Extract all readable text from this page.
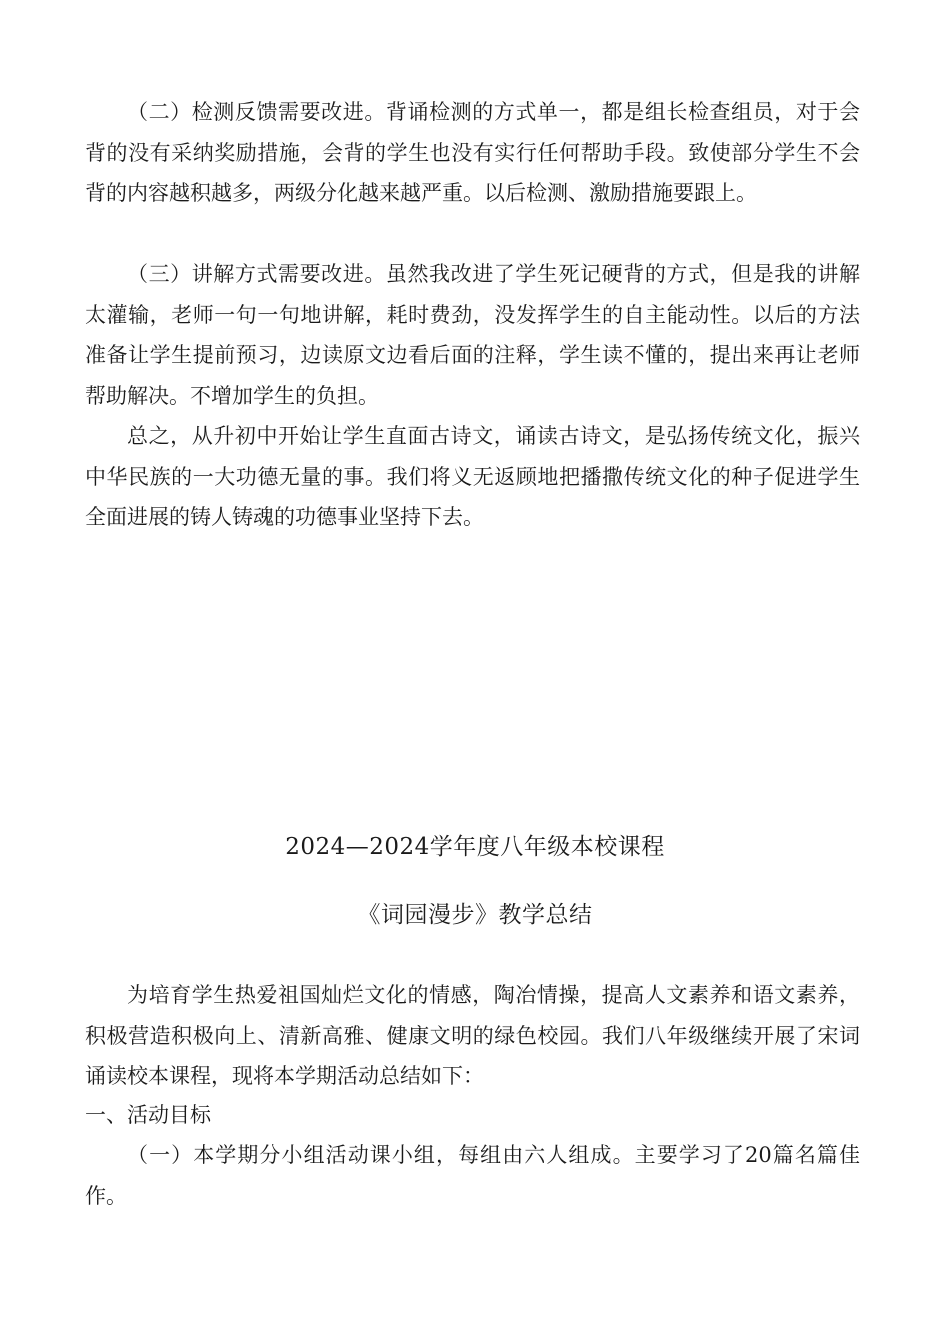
（二）检测反馈需要改进。背诵检测的方式单一，都是组长检查组员，对于会背的没有采纳奖励措施，会背的学生也没有实行任何帮助手段。致使部分学生不会背的内容越积越多，两级分化越来越严重。以后检测、激励措施要跟上。

（三）讲解方式需要改进。虽然我改进了学生死记硬背的方式，但是我的讲解太灌输，老师一句一句地讲解，耗时费劲，没发挥学生的自主能动性。以后的方法准备让学生提前预习，边读原文边看后面的注释，学生读不懂的，提出来再让老师帮助解决。不增加学生的负担。

总之，从升初中开始让学生直面古诗文，诵读古诗文，是弘扬传统文化，振兴中华民族的一大功德无量的事。我们将义无返顾地把播撒传统文化的种子促进学生全面进展的铸人铸魂的功德事业坚持下去。

2024—2024学年度八年级本校课程
《词园漫步》教学总结

为培育学生热爱祖国灿烂文化的情感，陶冶情操，提高人文素养和语文素养，积极营造积极向上、清新高雅、健康文明的绿色校园。我们八年级继续开展了宋词诵读校本课程，现将本学期活动总结如下：

一、活动目标

（一）本学期分小组活动课小组，每组由六人组成。主要学习了20篇名篇佳作。
